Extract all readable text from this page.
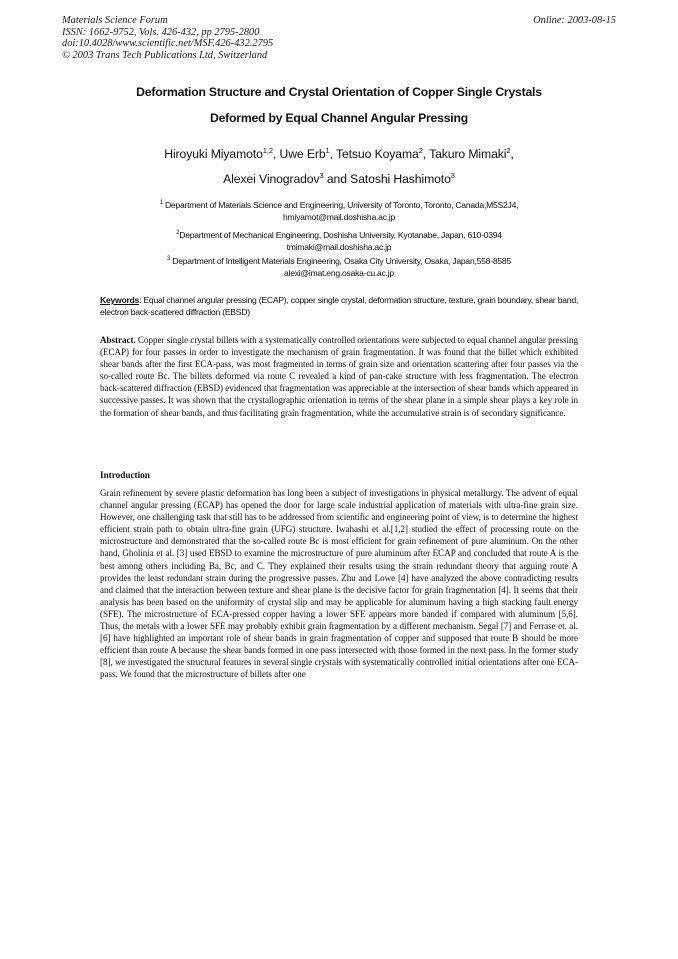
Materials Science Forum
ISSN: 1662-9752, Vols. 426-432, pp 2795-2800
doi:10.4028/www.scientific.net/MSF.426-432.2795
© 2003 Trans Tech Publications Ltd, Switzerland
Online: 2003-08-15
Deformation Structure and Crystal Orientation of Copper Single Crystals
Deformed by Equal Channel Angular Pressing
Hiroyuki Miyamoto$^{1,2}$, Uwe Erb$^1$, Tetsuo Koyama$^2$, Takuro Mimaki$^2$,
Alexei Vinogradov$^3$ and Satoshi Hashimoto$^3$
$^1$ Department of Materials Science and Engineering, University of Toronto, Toronto, Canada,M5S2J4,
hmiyamot@mail.doshisha.ac.jp
$^2$Department of Mechanical Engineering, Doshisha University, Kyotanabe, Japan, 610-0394
tmimaki@mail.doshisha.ac.jp
$^3$ Department of Intelligent Materials Engineering, Osaka City University, Osaka, Japan,558-8585
alexi@imat.eng.osaka-cu.ac.jp
Keywords: Equal channel angular pressing (ECAP), copper single crystal, deformation structure, texture, grain boundary, shear band, electron back-scattered diffraction (EBSD)
Abstract. Copper single crystal billets with a systematically controlled orientations were subjected to equal channel angular pressing (ECAP) for four passes in order to investigate the mechanism of grain fragmentation. It was found that the billet which exhibited shear bands after the first ECA-pass, was most fragmented in terms of grain size and orientation scattering after four passes via the so-called route Bc. The billets deformed via route C revealed a kind of pan-cake structure with less fragmentation. The electron back-scattered diffraction (EBSD) evidenced that fragmentation was appreciable at the intersection of shear bands which appeared in successive passes. It was shown that the crystallographic orientation in terms of the shear plane in a simple shear plays a key role in the formation of shear bands, and thus facilitating grain fragmentation, while the accumulative strain is of secondary significance.
Introduction
Grain refinement by severe plastic deformation has long been a subject of investigations in physical metallurgy. The advent of equal channel angular pressing (ECAP) has opened the door for large scale industrial application of materials with ultra-fine grain size. However, one challenging task that still has to be addressed from scientific and engineering point of view, is to determine the highest efficient strain path to obtain ultra-fine grain (UFG) structure. Iwahashi et al.[1,2] studied the effect of processing route on the microstructure and demonstrated that the so-called route Bc is most efficient for grain refinement of pure aluminum. On the other hand, Gholinia et al. [3] used EBSD to examine the microstructure of pure aluminum after ECAP and concluded that route A is the best among others including Ba, Bc, and C. They explained their results using the strain redundant theory that arguing route A provides the least redundant strain during the progressive passes. Zhu and Lowe [4] have analyzed the above contradicting results and claimed that the interaction between texture and shear plane is the decisive factor for grain fragmentation [4]. It seems that their analysis has been based on the uniformity of crystal slip and may be applicable for aluminum having a high stacking fault energy (SFE). The microstructure of ECA-pressed copper having a lower SFE appears more banded if compared with aluminum [5,6]. Thus, the metals with a lower SFE may probably exhibit grain fragmentation by a different mechanism. Segal [7] and Ferrase et. al.[6] have highlighted an important role of shear bands in grain fragmentation of copper and supposed that route B should be more efficient than route A because the shear bands formed in one pass intersected with those formed in the next pass. In the former study [8], we investigated the structural features in several single crystals with systematically controlled initial orientations after one ECA-pass. We found that the microstructure of billets after one
